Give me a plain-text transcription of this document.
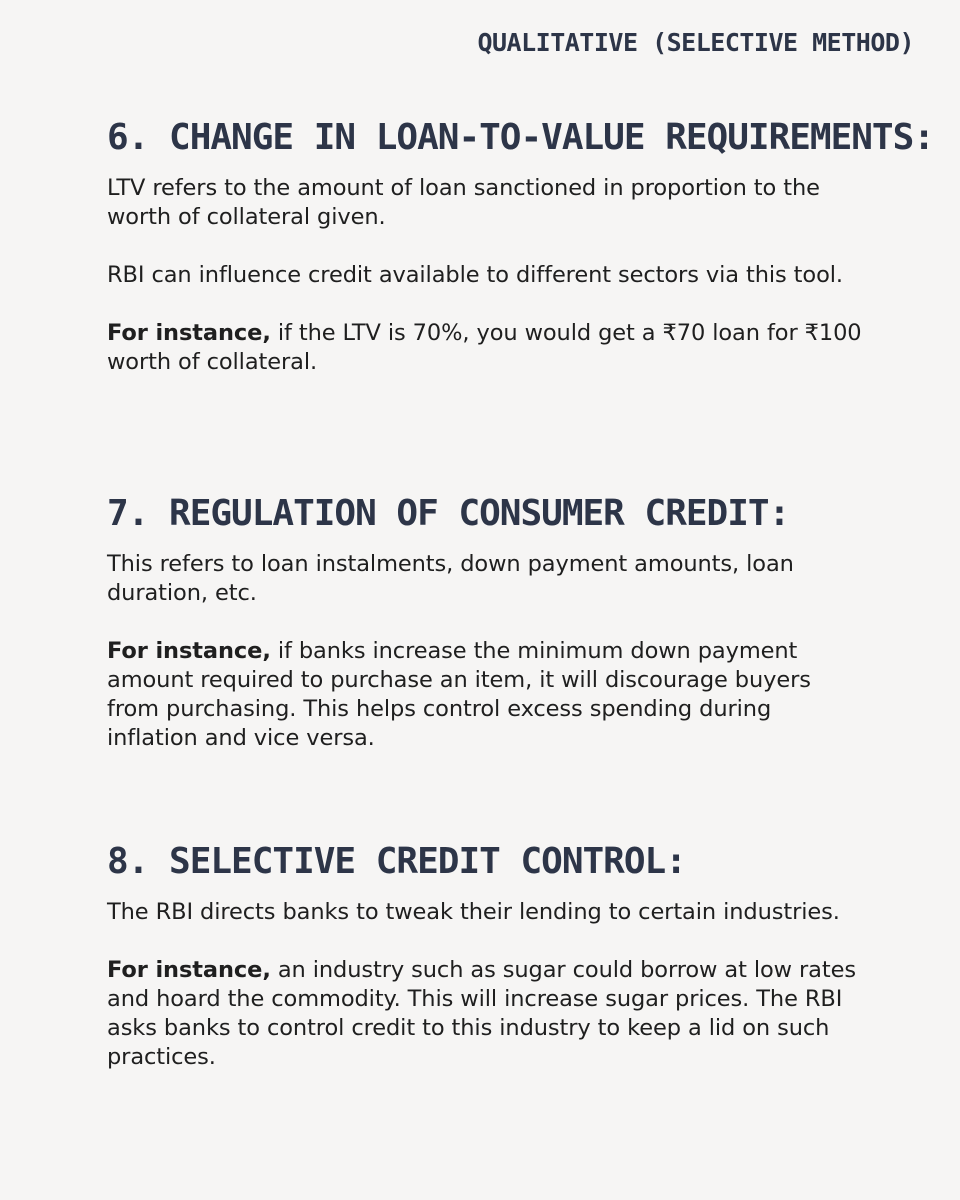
QUALITATIVE (SELECTIVE METHOD)
6. CHANGE IN LOAN-TO-VALUE REQUIREMENTS:

LTV refers to the amount of loan sanctioned in proportion to the worth of collateral given.

RBI can influence credit available to different sectors via this tool.

For instance, if the LTV is 70%, you would get a ₹70 loan for ₹100 worth of collateral.

7. REGULATION OF CONSUMER CREDIT:

This refers to loan instalments, down payment amounts, loan duration, etc.

For instance, if banks increase the minimum down payment amount required to purchase an item, it will discourage buyers from purchasing. This helps control excess spending during inflation and vice versa.

8. SELECTIVE CREDIT CONTROL:

The RBI directs banks to tweak their lending to certain industries.

For instance, an industry such as sugar could borrow at low rates and hoard the commodity. This will increase sugar prices. The RBI asks banks to control credit to this industry to keep a lid on such practices.
